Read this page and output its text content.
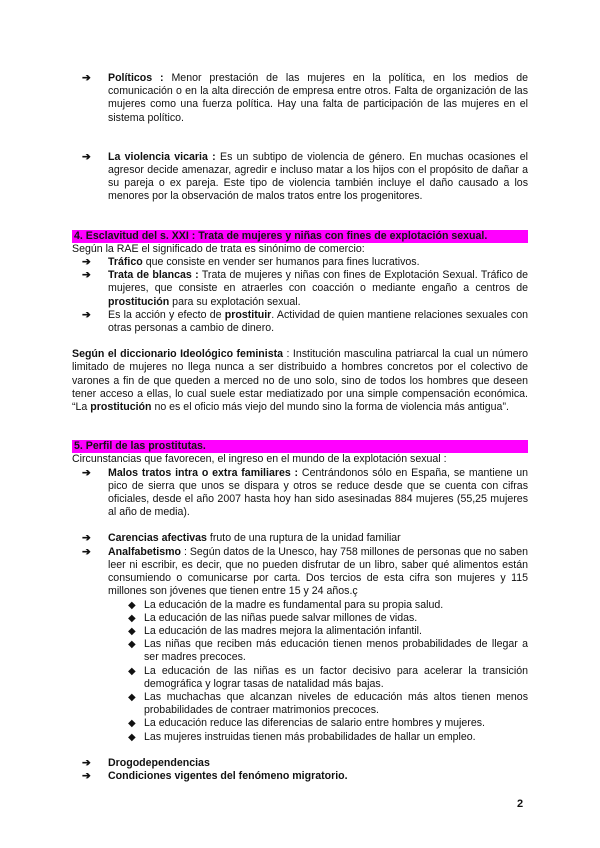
➔ Políticos : Menor prestación de las mujeres en la política, en los medios de comunicación o en la alta dirección de empresa entre otros. Falta de organización de las mujeres como una fuerza política. Hay una falta de participación de las mujeres en el sistema político.
➔ La violencia vicaria : Es un subtipo de violencia de género. En muchas ocasiones el agresor decide amenazar, agredir e incluso matar a los hijos con el propósito de dañar a su pareja o ex pareja. Este tipo de violencia también incluye el daño causado a los menores por la observación de malos tratos entre los progenitores.
4. Esclavitud del s. XXI : Trata de mujeres y niñas con fines de explotación sexual.

Según la RAE el significado de trata es sinónimo de comercio:

➔ Tráfico que consiste en vender ser humanos para fines lucrativos.
➔ Trata de blancas : Trata de mujeres y niñas con fines de Explotación Sexual. Tráfico de mujeres, que consiste en atraerles con coacción o mediante engaño a centros de prostitución para su explotación sexual.
➔ Es la acción y efecto de prostituir. Actividad de quien mantiene relaciones sexuales con otras personas a cambio de dinero.

Según el diccionario Ideológico feminista : Institución masculina patriarcal la cual un número limitado de mujeres no llega nunca a ser distribuido a hombres concretos por el colectivo de varones a fin de que queden a merced no de uno solo, sino de todos los hombres que deseen tener acceso a ellas, lo cual suele estar mediatizado por una simple compensación económica. “La prostitución no es el oficio más viejo del mundo sino la forma de violencia más antigua”.

5. Perfil de las prostitutas.

Circunstancias que favorecen, el ingreso en el mundo de la explotación sexual :

➔ Malos tratos intra o extra familiares : Centrándonos sólo en España, se mantiene un pico de sierra que unos se dispara y otros se reduce desde que se cuenta con cifras oficiales, desde el año 2007 hasta hoy han sido asesinadas 884 mujeres (55,25 mujeres al año de media).
➔ Carencias afectivas fruto de una ruptura de la unidad familiar
➔ Analfabetismo : Según datos de la Unesco, hay 758 millones de personas que no saben leer ni escribir, es decir, que no pueden disfrutar de un libro, saber qué alimentos están consumiendo o comunicarse por carta. Dos tercios de esta cifra son mujeres y 115 millones son jóvenes que tienen entre 15 y 24 años.ç
◆ La educación de la madre es fundamental para su propia salud.
◆ La educación de las niñas puede salvar millones de vidas.
◆ La educación de las madres mejora la alimentación infantil.
◆ Las niñas que reciben más educación tienen menos probabilidades de llegar a ser madres precoces.
◆ La educación de las niñas es un factor decisivo para acelerar la transición demográfica y lograr tasas de natalidad más bajas.
◆ Las muchachas que alcanzan niveles de educación más altos tienen menos probabilidades de contraer matrimonios precoces.
◆ La educación reduce las diferencias de salario entre hombres y mujeres.
◆ Las mujeres instruidas tienen más probabilidades de hallar un empleo.
➔ Drogodependencias
➔ Condiciones vigentes del fenómeno migratorio.
2
